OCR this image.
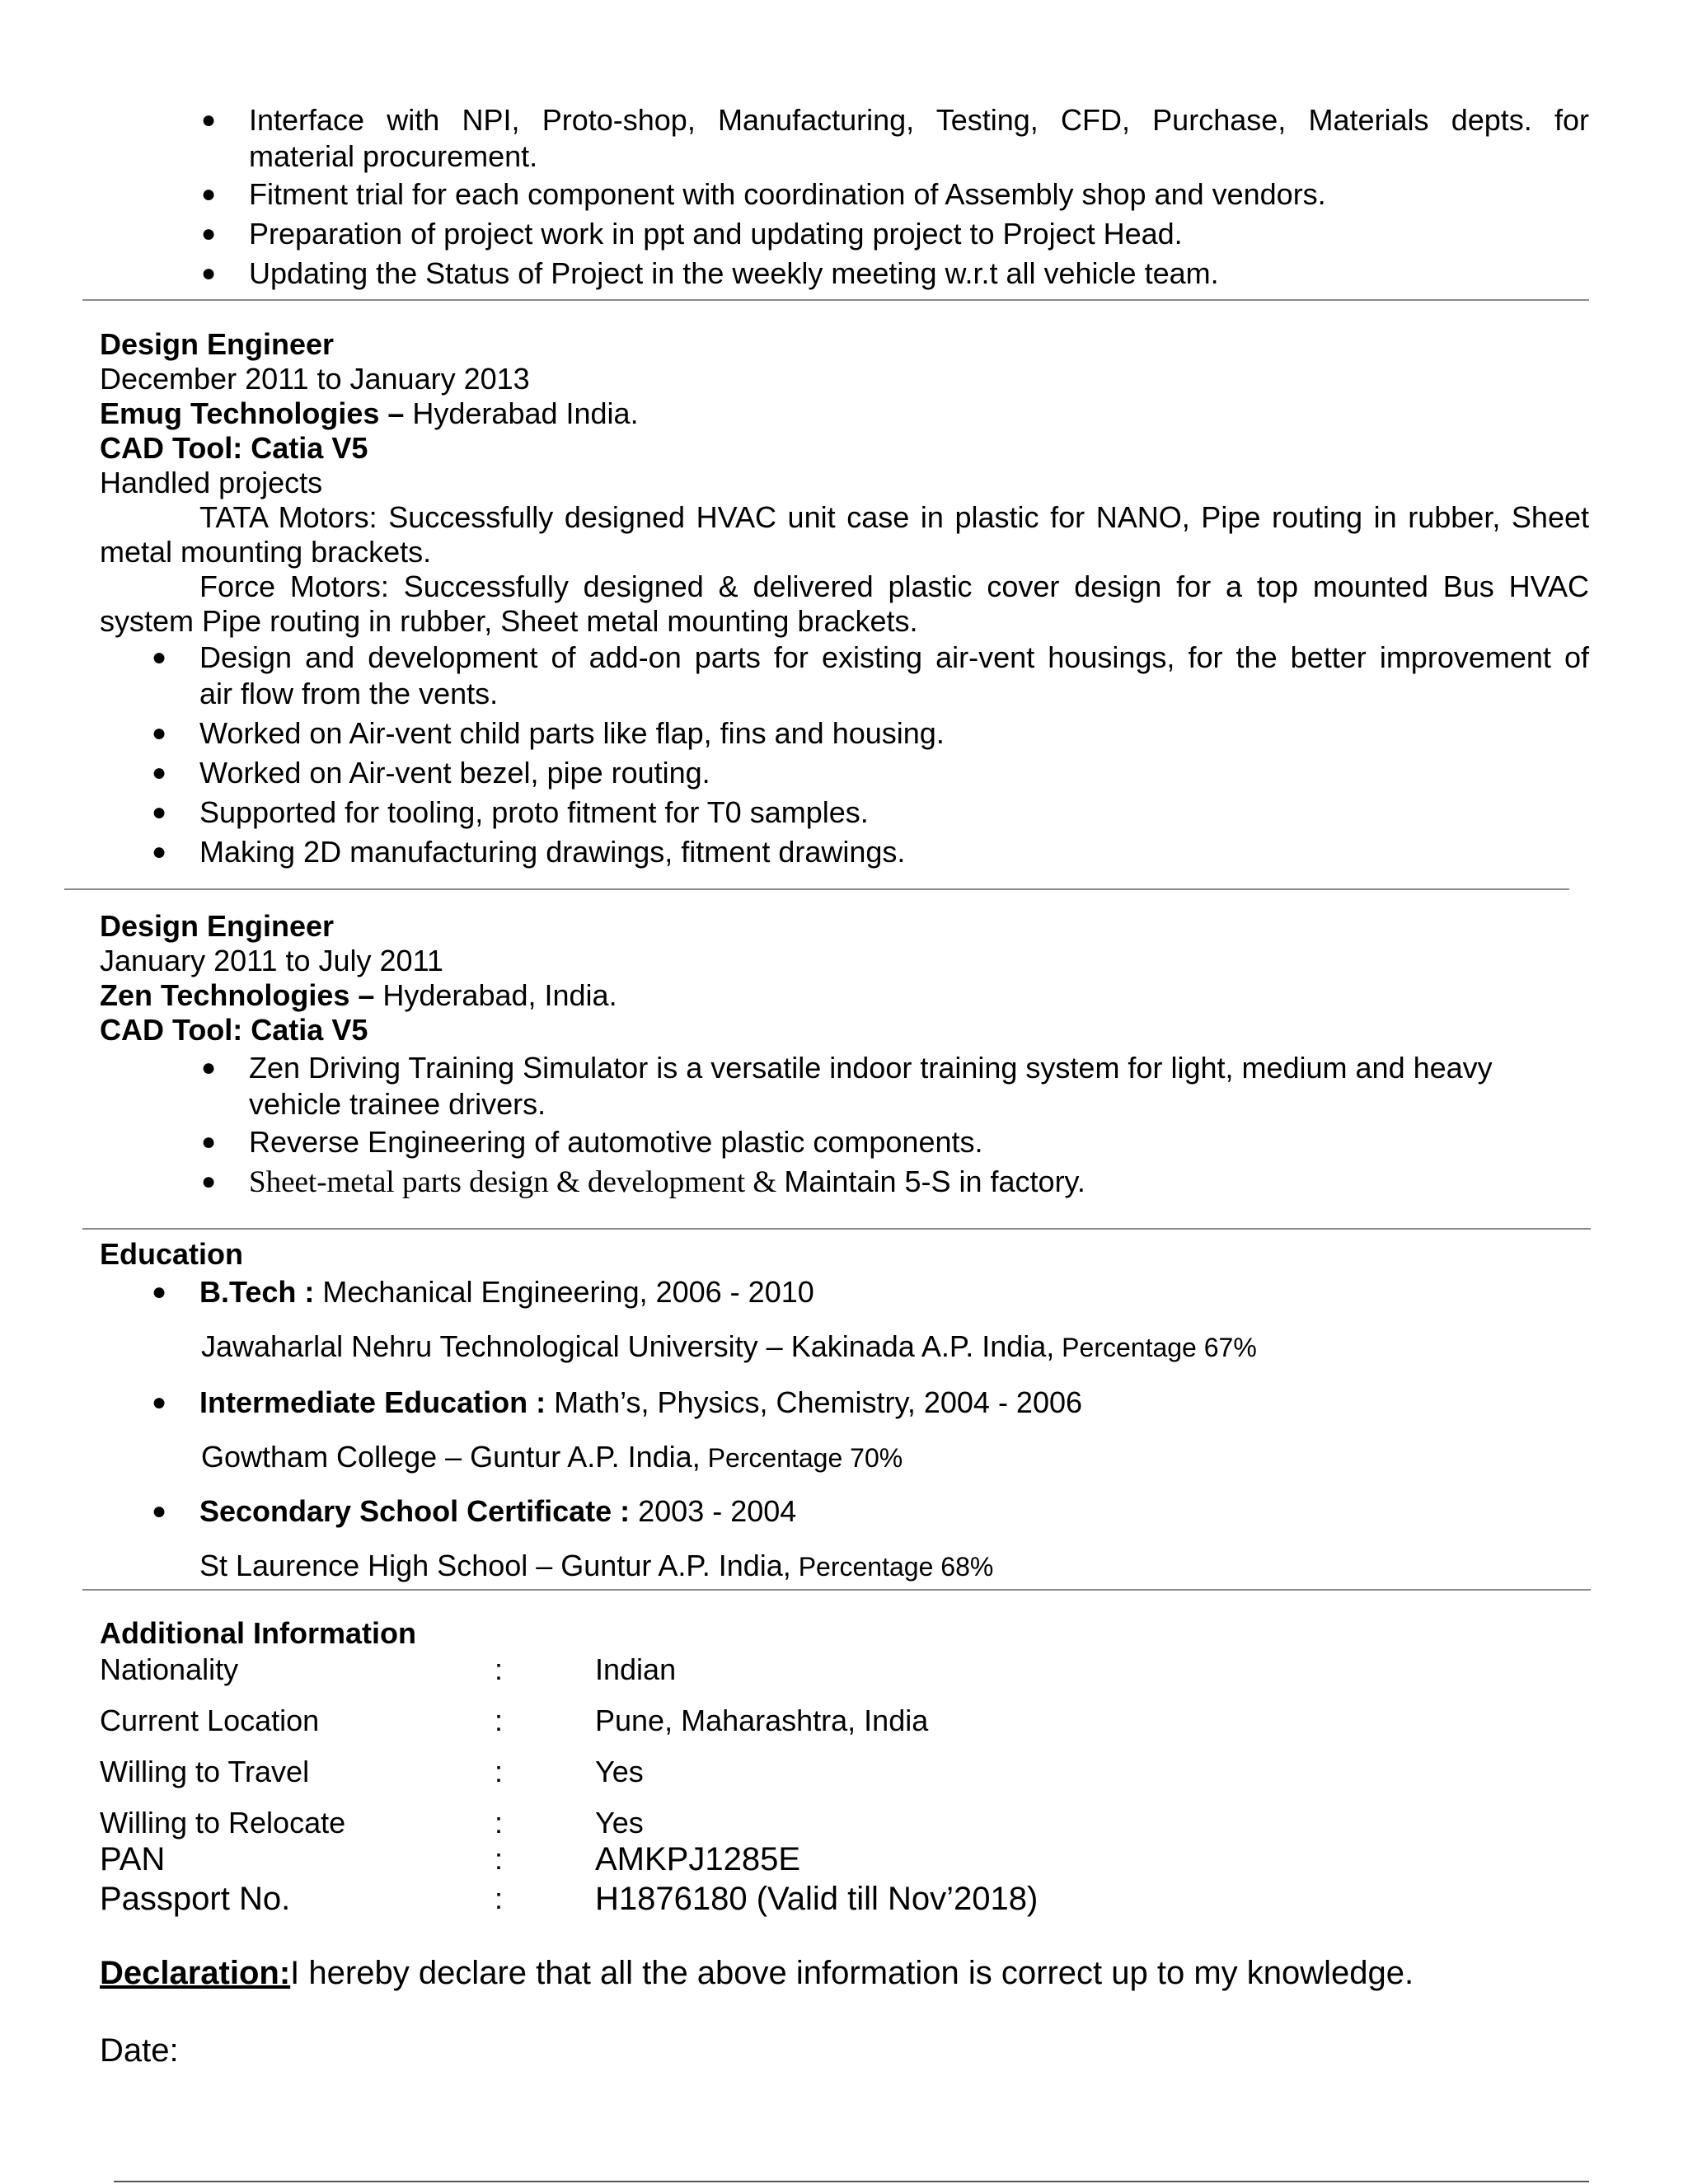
● Interface with NPI, Proto-shop, Manufacturing, Testing, CFD, Purchase, Materials depts. for
material procurement.
● Fitment trial for each component with coordination of Assembly shop and vendors.
● Preparation of project work in ppt and updating project to Project Head.
● Updating the Status of Project in the weekly meeting w.r.t all vehicle team.
Design Engineer
December 2011 to January 2013
Emug Technologies – Hyderabad India.
CAD Tool: Catia V5
Handled projects
TATA Motors: Successfully designed HVAC unit case in plastic for NANO, Pipe routing in rubber, Sheet
metal mounting brackets.
Force Motors: Successfully designed & delivered plastic cover design for a top mounted Bus HVAC
system Pipe routing in rubber, Sheet metal mounting brackets.
● Design and development of add-on parts for existing air-vent housings, for the better improvement of
air flow from the vents.
● Worked on Air-vent child parts like flap, fins and housing.
● Worked on Air-vent bezel, pipe routing.
● Supported for tooling, proto fitment for T0 samples.
● Making 2D manufacturing drawings, fitment drawings.
Design Engineer
January 2011 to July 2011
Zen Technologies – Hyderabad, India.
CAD Tool: Catia V5
● Zen Driving Training Simulator is a versatile indoor training system for light, medium and heavy
vehicle trainee drivers.
● Reverse Engineering of automotive plastic components.
● Sheet-metal parts design & development & Maintain 5-S in factory.
Education
● B.Tech : Mechanical Engineering, 2006 - 2010
Jawaharlal Nehru Technological University – Kakinada A.P. India, Percentage 67%
● Intermediate Education : Math’s, Physics, Chemistry, 2004 - 2006
Gowtham College – Guntur A.P. India, Percentage 70%
● Secondary School Certificate : 2003 - 2004
St Laurence High School – Guntur A.P. India, Percentage 68%
Additional Information
Nationality	:	Indian
Current Location	:	Pune, Maharashtra, India
Willing to Travel	:	Yes
Willing to Relocate	:	Yes
PAN	:	AMKPJ1285E
Passport No.	:	H1876180 (Valid till Nov’2018)
Declaration:I hereby declare that all the above information is correct up to my knowledge.
Date:
